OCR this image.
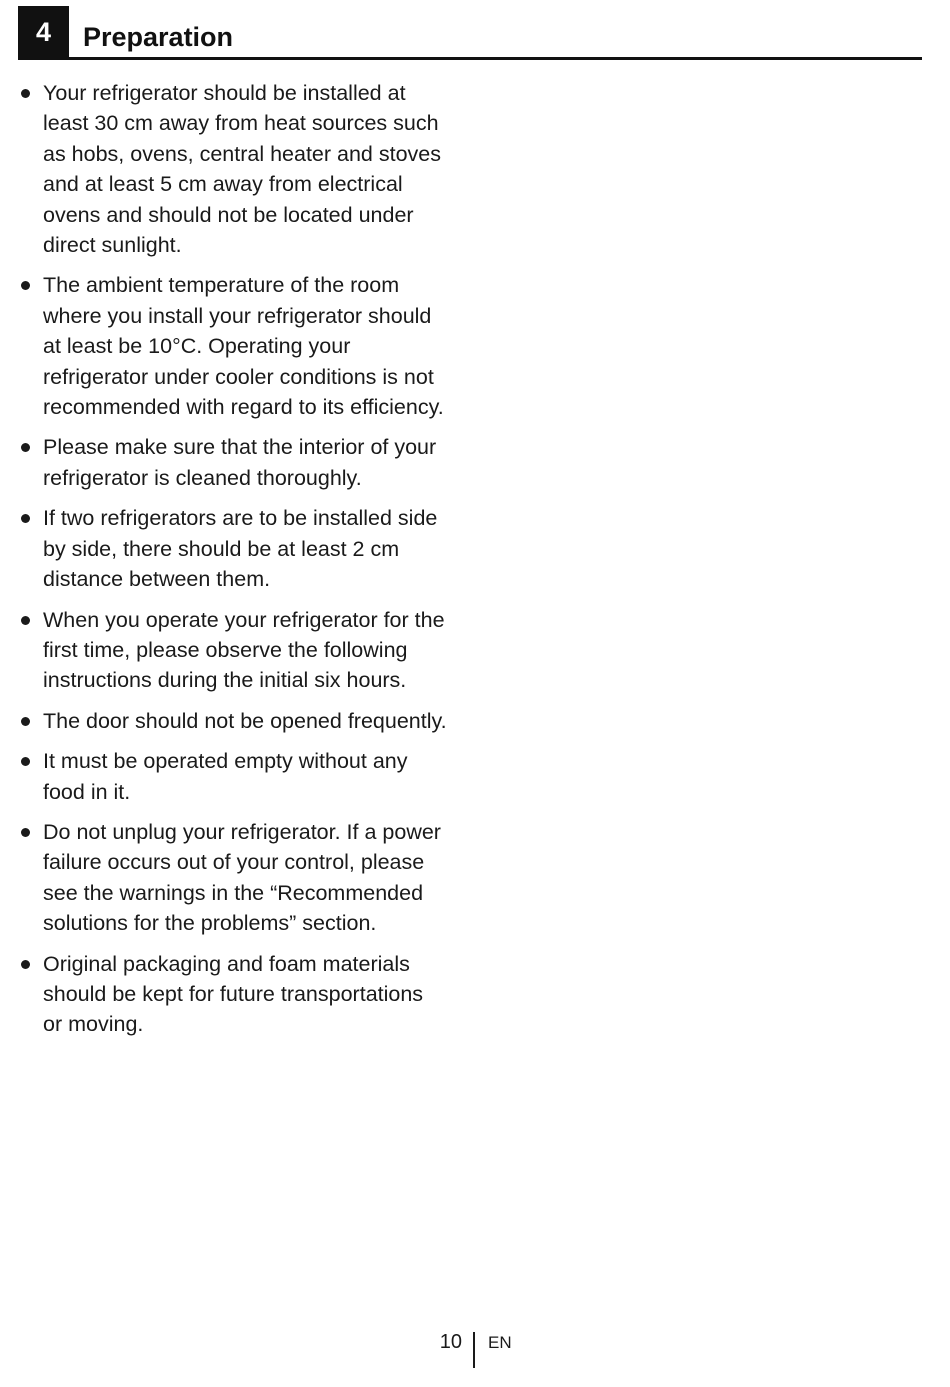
4	Preparation
Your refrigerator should be installed at least 30 cm away from heat sources such as hobs, ovens, central heater and stoves and at least 5 cm away from electrical ovens and should not be located under direct sunlight.
The ambient temperature of the room where you install your refrigerator should at least be 10°C. Operating your refrigerator under cooler conditions is not recommended with regard to its efficiency.
Please make sure that the interior of your refrigerator is cleaned thoroughly.
If two refrigerators are to be installed side by side, there should be at least 2 cm distance between them.
When you operate your refrigerator for the first time, please observe the following instructions during the initial six hours.
The door should not be opened frequently.
It must be operated empty without any food in it.
Do not unplug your refrigerator. If a power failure occurs out of your control, please see the warnings in the “Recommended solutions for the problems” section.
Original packaging and foam materials should be kept for future transportations or moving.
10 EN
